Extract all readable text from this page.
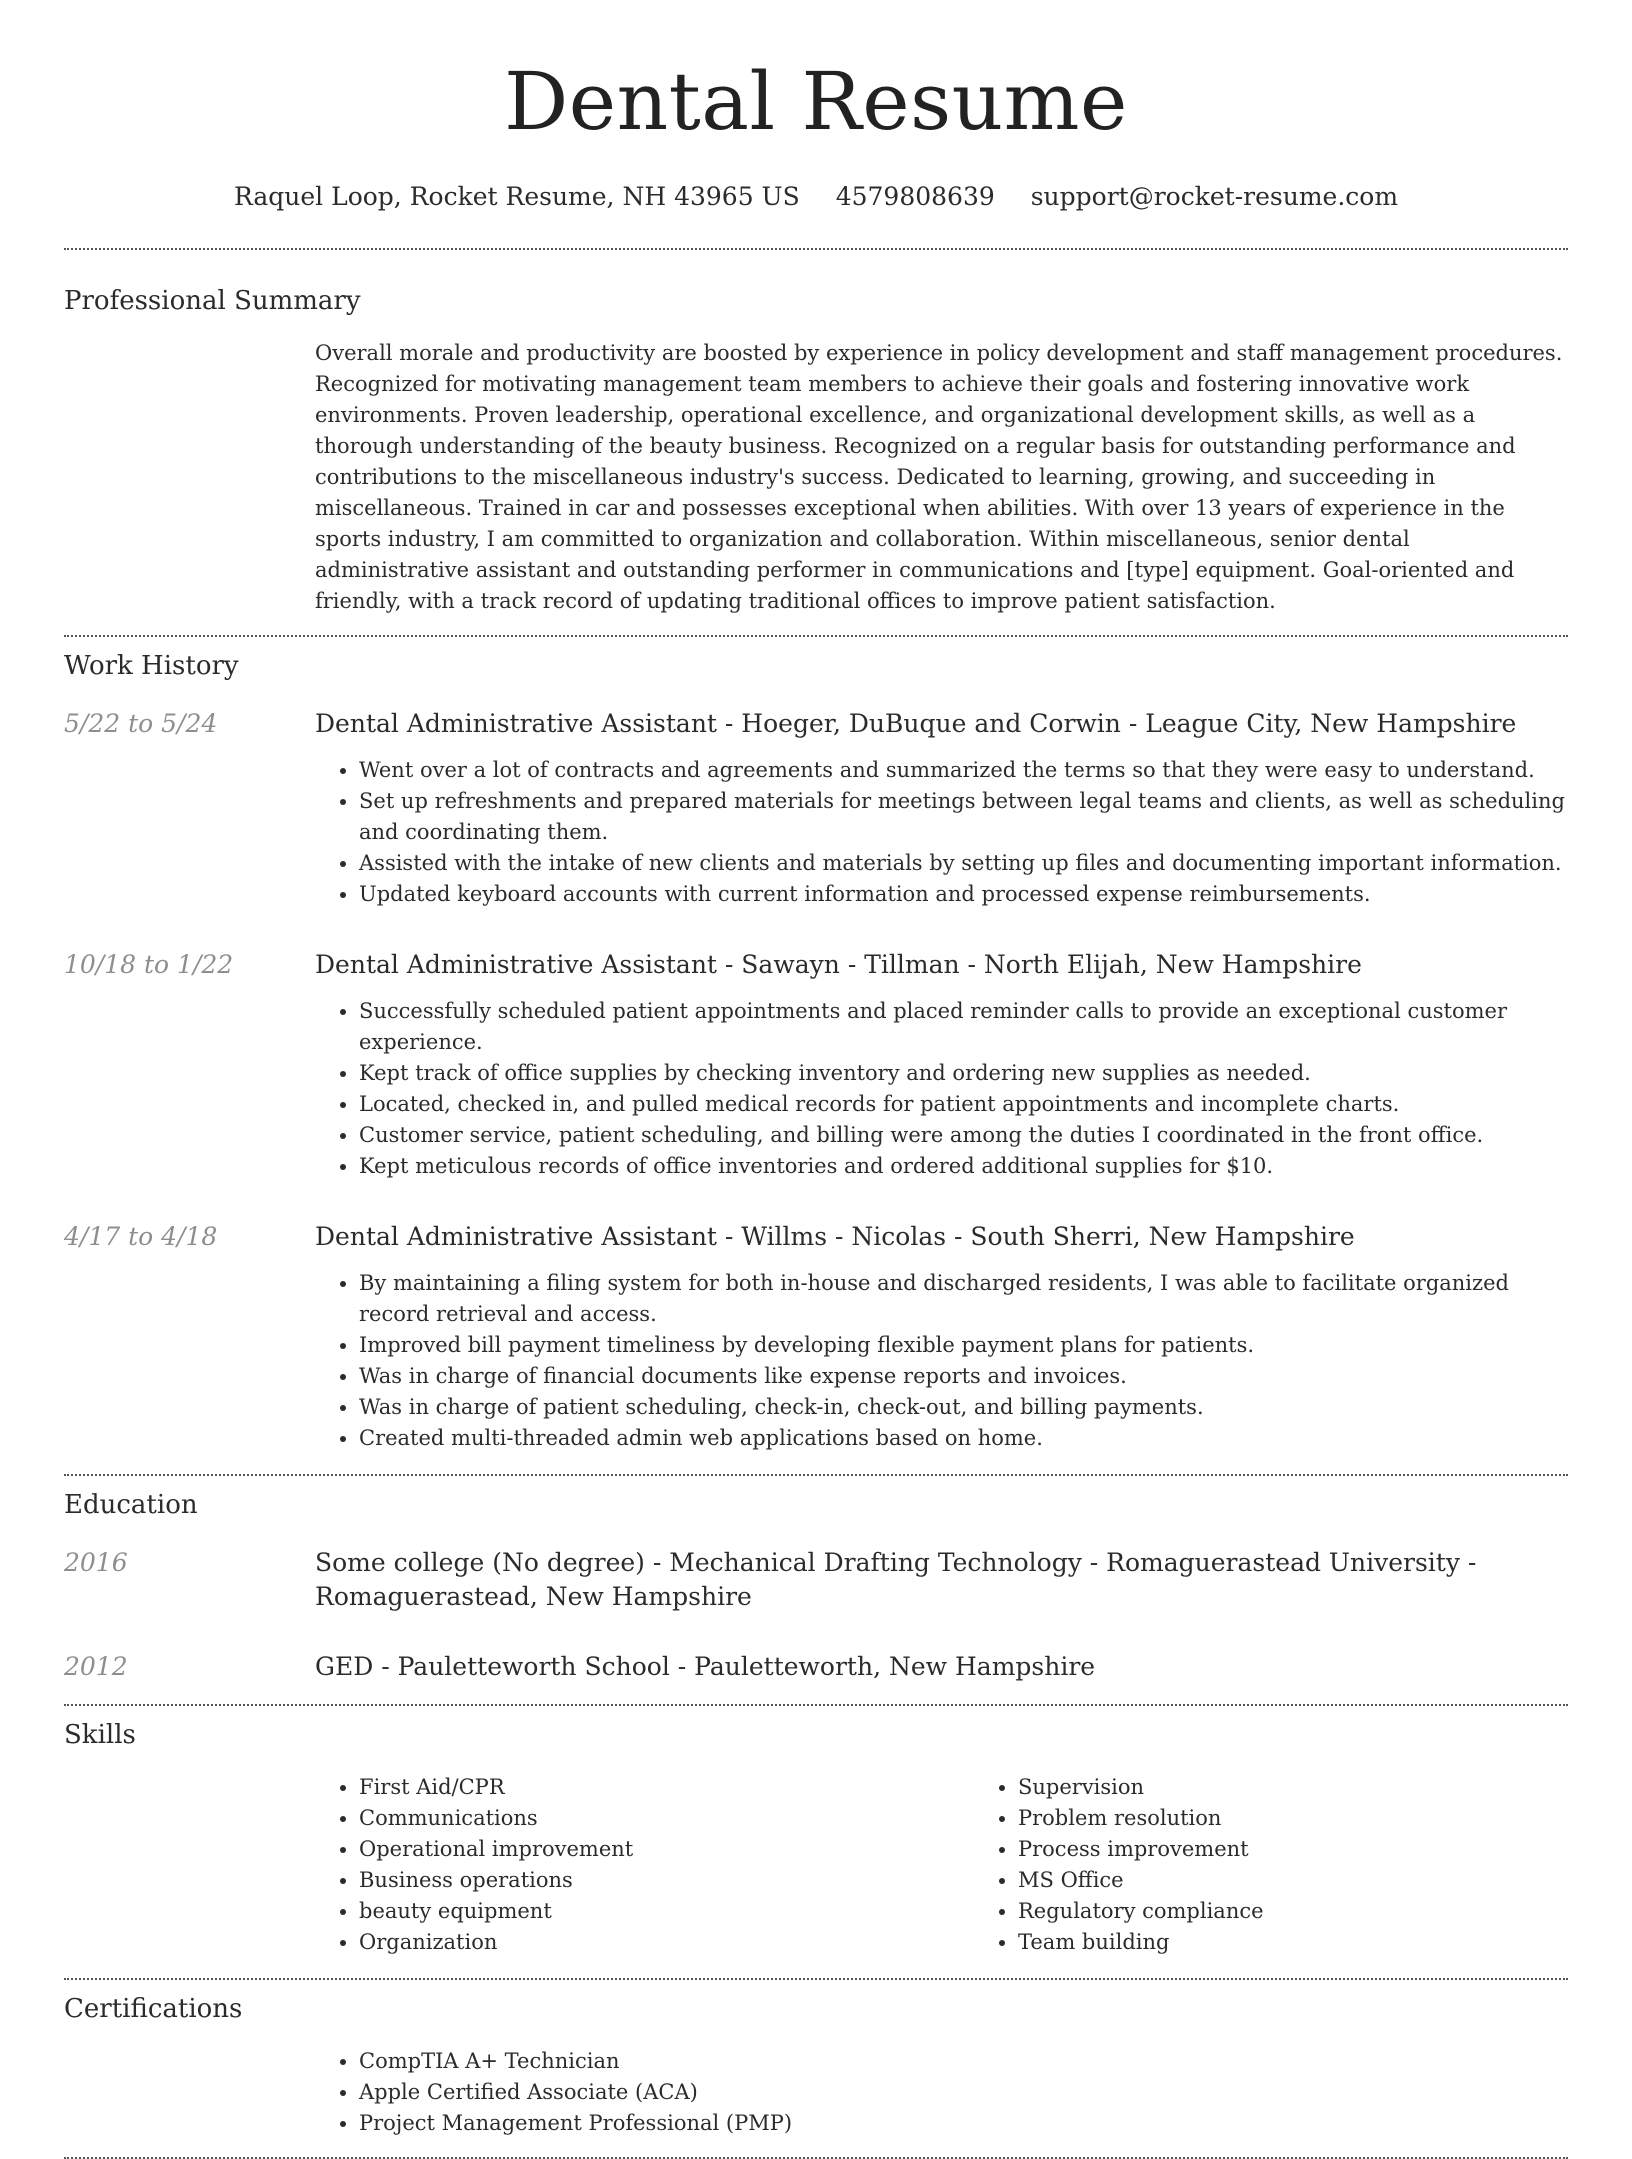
Dental Resume
Raquel Loop, Rocket Resume, NH 43965 US 4579808639 support@rocket-resume.com
Professional Summary

Overall morale and productivity are boosted by experience in policy development and staff management procedures. Recognized for motivating management team members to achieve their goals and fostering innovative work environments. Proven leadership, operational excellence, and organizational development skills, as well as a thorough understanding of the beauty business. Recognized on a regular basis for outstanding performance and contributions to the miscellaneous industry's success. Dedicated to learning, growing, and succeeding in miscellaneous. Trained in car and possesses exceptional when abilities. With over 13 years of experience in the sports industry, I am committed to organization and collaboration. Within miscellaneous, senior dental administrative assistant and outstanding performer in communications and [type] equipment. Goal-oriented and friendly, with a track record of updating traditional offices to improve patient satisfaction.

Work History
5/22 to 5/24	Dental Administrative Assistant - Hoeger, DuBuque and Corwin - League City, New Hampshire
• Went over a lot of contracts and agreements and summarized the terms so that they were easy to understand.
• Set up refreshments and prepared materials for meetings between legal teams and clients, as well as scheduling and coordinating them.
• Assisted with the intake of new clients and materials by setting up files and documenting important information.
• Updated keyboard accounts with current information and processed expense reimbursements.
10/18 to 1/22	Dental Administrative Assistant - Sawayn - Tillman - North Elijah, New Hampshire
• Successfully scheduled patient appointments and placed reminder calls to provide an exceptional customer experience.
• Kept track of office supplies by checking inventory and ordering new supplies as needed.
• Located, checked in, and pulled medical records for patient appointments and incomplete charts.
• Customer service, patient scheduling, and billing were among the duties I coordinated in the front office.
• Kept meticulous records of office inventories and ordered additional supplies for $10.
4/17 to 4/18	Dental Administrative Assistant - Willms - Nicolas - South Sherri, New Hampshire
• By maintaining a filing system for both in-house and discharged residents, I was able to facilitate organized record retrieval and access.
• Improved bill payment timeliness by developing flexible payment plans for patients.
• Was in charge of financial documents like expense reports and invoices.
• Was in charge of patient scheduling, check-in, check-out, and billing payments.
• Created multi-threaded admin web applications based on home.
Education
2016	Some college (No degree) - Mechanical Drafting Technology - Romaguerastead University - Romaguerastead, New Hampshire
2012	GED - Pauletteworth School - Pauletteworth, New Hampshire
Skills
• First Aid/CPR
• Communications
• Operational improvement
• Business operations
• beauty equipment
• Organization
• Supervision
• Problem resolution
• Process improvement
• MS Office
• Regulatory compliance
• Team building
Certifications
• CompTIA A+ Technician
• Apple Certified Associate (ACA)
• Project Management Professional (PMP)
